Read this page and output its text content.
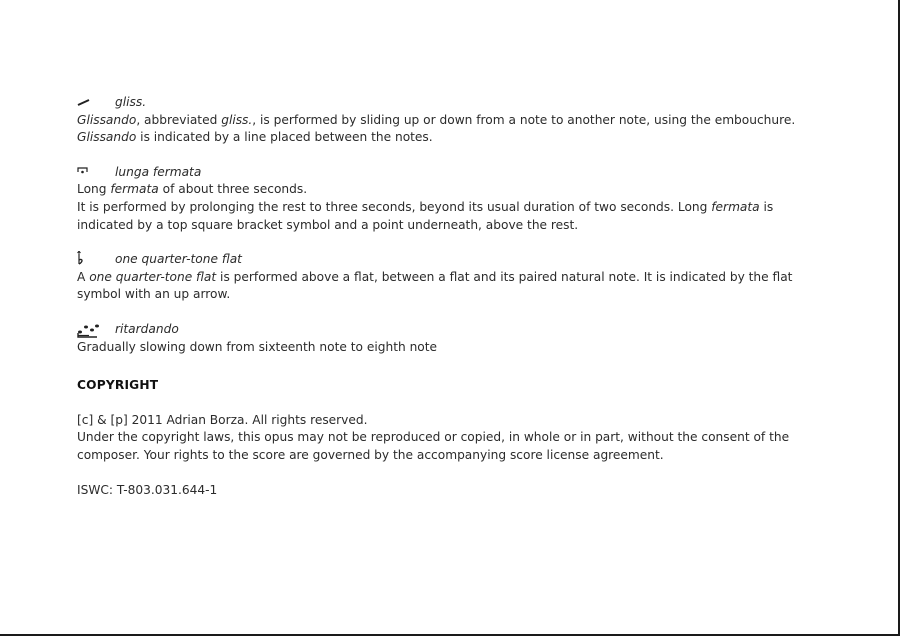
gliss.

Glissando, abbreviated gliss., is performed by sliding up or down from a note to another note, using the embouchure.

Glissando is indicated by a line placed between the notes.

lunga fermata

Long fermata of about three seconds.

It is performed by prolonging the rest to three seconds, beyond its usual duration of two seconds. Long fermata is indicated by a top square bracket symbol and a point underneath, above the rest.

one quarter-tone flat

A one quarter-tone flat is performed above a flat, between a flat and its paired natural note. It is indicated by the flat symbol with an up arrow.

ritardando

Gradually slowing down from sixteenth note to eighth note

COPYRIGHT

[c] & [p] 2011 Adrian Borza. All rights reserved.

Under the copyright laws, this opus may not be reproduced or copied, in whole or in part, without the consent of the composer. Your rights to the score are governed by the accompanying score license agreement.

ISWC: T-803.031.644-1
